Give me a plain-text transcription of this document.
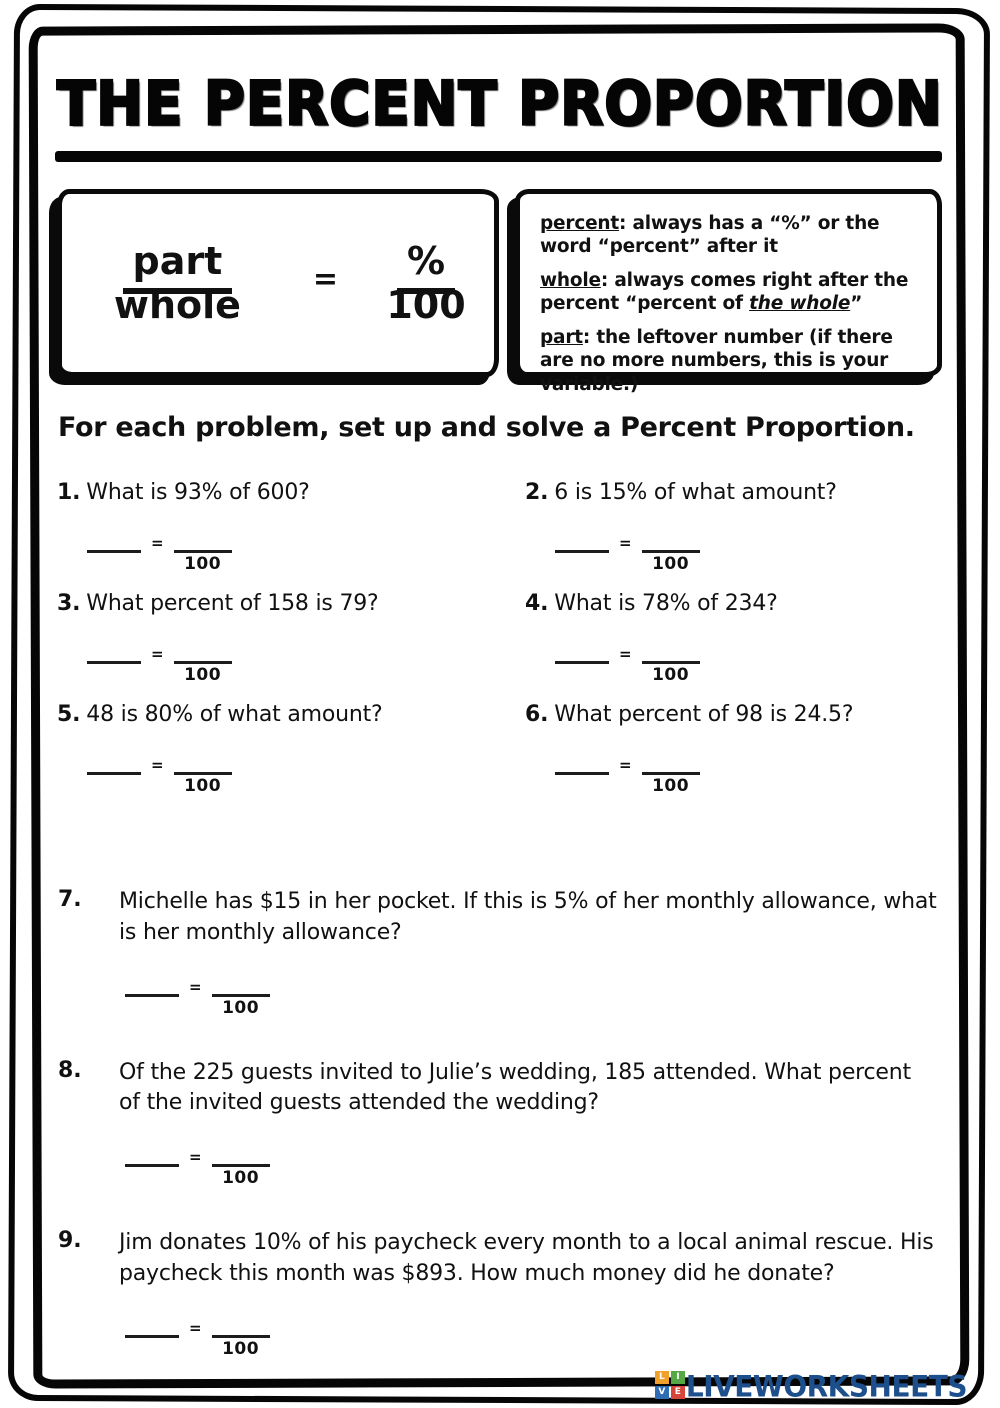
THE PERCENT PROPORTION
part whole
=	% 100

percent: always has a “%” or the word “percent” after it

whole: always comes right after the percent “percent of the whole”

part: the leftover number (if there are no more numbers, this is your variable.)

For each problem, set up and solve a Percent Proportion.
1. What is 93% of 600?
=
100
2. 6 is 15% of what amount?
=
100
3. What percent of 158 is 79?
=
100
4. What is 78% of 234?
=
100
5. 48 is 80% of what amount?
=
100
6. What percent of 98 is 24.5?
=
100
7.	Michelle has $15 in her pocket. If this is 5% of her monthly allowance, what is her monthly allowance?
=
100
8.	Of the 225 guests invited to Julie’s wedding, 185 attended. What percent of the invited guests attended the wedding?
=
100
9.	Jim donates 10% of his paycheck every month to a local animal rescue. His paycheck this month was $893. How much money did he donate?
=
100
L	I
V	E LIVEWORKSHEETS
